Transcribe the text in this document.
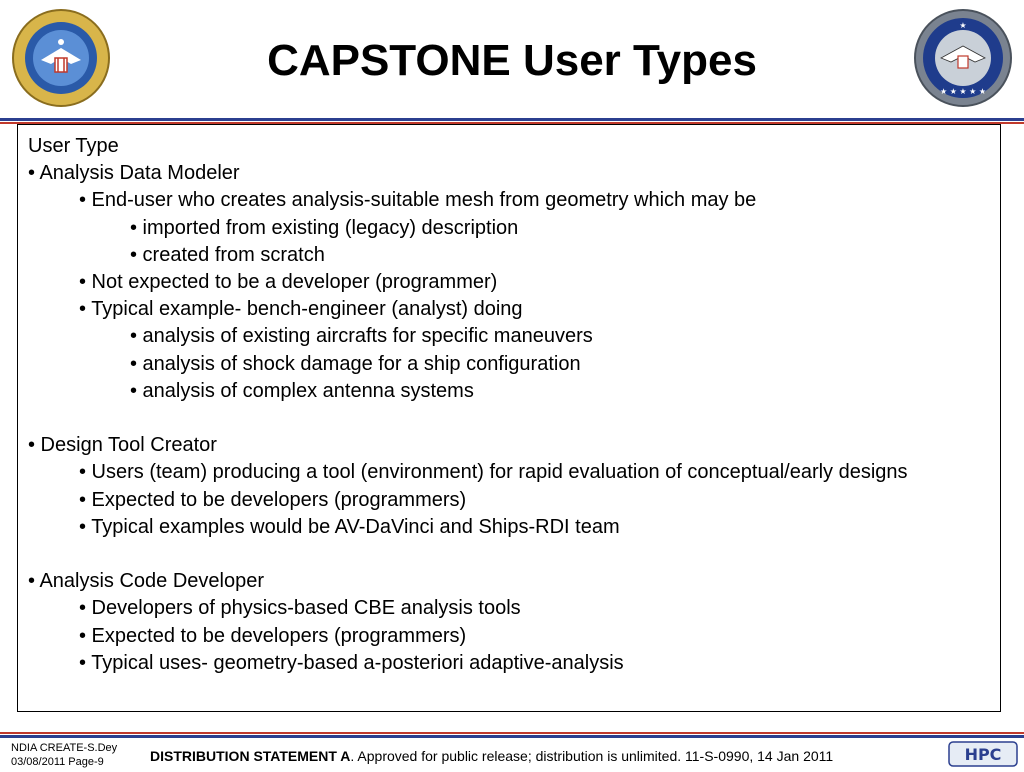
CAPSTONE User Types
★
★ ★ ★ ★ ★
User Type
• Analysis Data Modeler
• End-user who creates analysis-suitable mesh from geometry which may be
• imported from existing (legacy) description
• created from scratch
• Not expected to be a developer (programmer)
• Typical example- bench-engineer (analyst) doing
• analysis of existing aircrafts for specific maneuvers
• analysis of shock damage for a ship configuration
• analysis of complex antenna systems
• Design Tool Creator
• Users (team) producing a tool (environment) for rapid evaluation of conceptual/early designs
• Expected to be developers (programmers)
• Typical examples would be AV-DaVinci and Ships-RDI team
• Analysis Code Developer
• Developers of physics-based CBE analysis tools
• Expected to be developers (programmers)
• Typical uses- geometry-based a-posteriori adaptive-analysis
NDIA CREATE-S.Dey
03/08/2011 Page-9	DISTRIBUTION STATEMENT A. Approved for public release; distribution is unlimited. 11-S-0990, 14 Jan 2011	HPC
